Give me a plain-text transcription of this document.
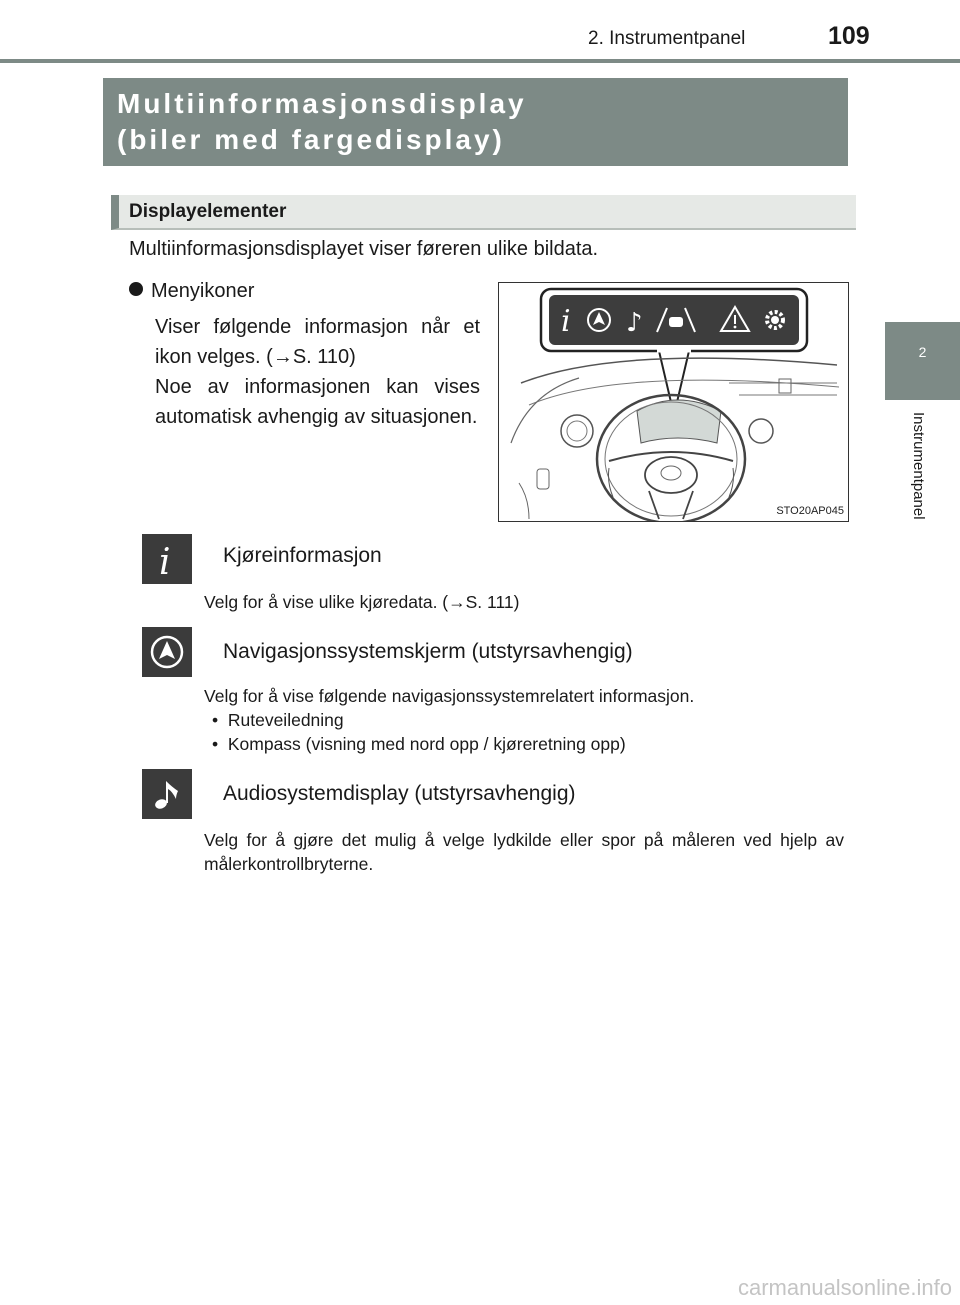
2. Instrumentpanel	109
2
Instrumentpanel
Multiinformasjonsdisplay
(biler med fargedisplay)
Displayelementer
Multiinformasjonsdisplayet viser føreren ulike bildata.
Menyikoner

Viser følgende informasjon når et ikon velges. (→S. 110)

Noe av informasjonen kan vises automatisk avhengig av situasjonen.

i ♪
STO20AP045
i Kjøreinformasjon
Velg for å vise ulike kjøredata. (→S. 111)
Navigasjonssystemskjerm (utstyrsavhengig)
Velg for å vise følgende navigasjonssystemrelatert informasjon.
•  Ruteveiledning
•  Kompass (visning med nord opp / kjøreretning opp)
Audiosystemdisplay (utstyrsavhengig)
Velg for å gjøre det mulig å velge lydkilde eller spor på måleren ved hjelp av målerkontrollbryterne.
carmanualsonline.info
